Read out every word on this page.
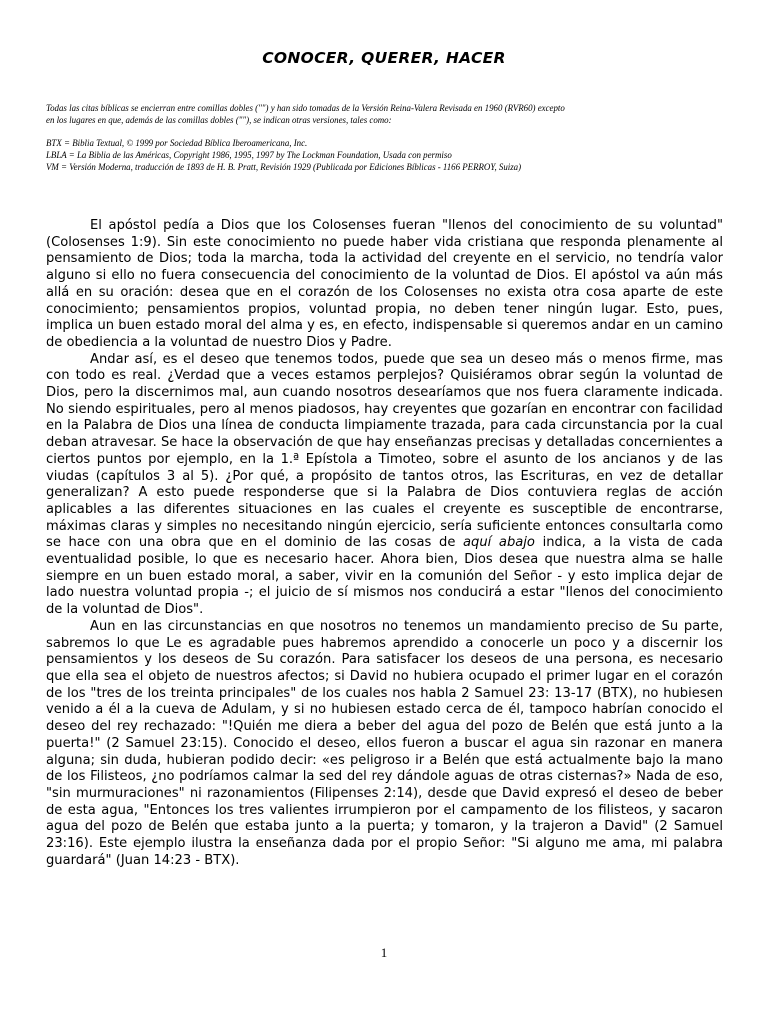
CONOCER, QUERER, HACER

Todas las citas bíblicas se encierran entre comillas dobles ("") y han sido tomadas de la Versión Reina-Valera Revisada en 1960 (RVR60) excepto

en los lugares en que, además de las comillas dobles (""), se indican otras versiones, tales como:

BTX = Biblia Textual, © 1999 por Sociedad Bíblica Iberoamericana, Inc.

LBLA = La Biblia de las Américas, Copyright 1986, 1995, 1997 by The Lockman Foundation, Usada con permiso

VM = Versión Moderna, traducción de 1893 de H. B. Pratt, Revisión 1929 (Publicada por Ediciones Bíblicas - 1166 PERROY, Suiza)

El apóstol pedía a Dios que los Colosenses fueran "llenos del conocimiento de su voluntad" (Colosenses 1:9). Sin este conocimiento no puede haber vida cristiana que responda plenamente al pensamiento de Dios; toda la marcha, toda la actividad del creyente en el servicio, no tendría valor alguno si ello no fuera consecuencia del conocimiento de la voluntad de Dios. El apóstol va aún más allá en su oración: desea que en el corazón de los Colosenses no exista otra cosa aparte de este conocimiento; pensamientos propios, voluntad propia, no deben tener ningún lugar. Esto, pues, implica un buen estado moral del alma y es, en efecto, indispensable si queremos andar en un camino de obediencia a la voluntad de nuestro Dios y Padre.

Andar así, es el deseo que tenemos todos, puede que sea un deseo más o menos firme, mas con todo es real. ¿Verdad que a veces estamos perplejos? Quisiéramos obrar según la voluntad de Dios, pero la discernimos mal, aun cuando nosotros desearíamos que nos fuera claramente indicada. No siendo espirituales, pero al menos piadosos, hay creyentes que gozarían en encontrar con facilidad en la Palabra de Dios una línea de conducta limpiamente trazada, para cada circunstancia por la cual deban atravesar. Se hace la observación de que hay enseñanzas precisas y detalladas concernientes a ciertos puntos por ejemplo, en la 1.ª Epístola a Timoteo, sobre el asunto de los ancianos y de las viudas (capítulos 3 al 5). ¿Por qué, a propósito de tantos otros, las Escrituras, en vez de detallar generalizan? A esto puede responderse que si la Palabra de Dios contuviera reglas de acción aplicables a las diferentes situaciones en las cuales el creyente es susceptible de encontrarse, máximas claras y simples no necesitando ningún ejercicio, sería suficiente entonces consultarla como se hace con una obra que en el dominio de las cosas de aquí abajo indica, a la vista de cada eventualidad posible, lo que es necesario hacer. Ahora bien, Dios desea que nuestra alma se halle siempre en un buen estado moral, a saber, vivir en la comunión del Señor - y esto implica dejar de lado nuestra voluntad propia -; el juicio de sí mismos nos conducirá a estar "llenos del conocimiento de la voluntad de Dios".

Aun en las circunstancias en que nosotros no tenemos un mandamiento preciso de Su parte, sabremos lo que Le es agradable pues habremos aprendido a conocerle un poco y a discernir los pensamientos y los deseos de Su corazón. Para satisfacer los deseos de una persona, es necesario que ella sea el objeto de nuestros afectos; si David no hubiera ocupado el primer lugar en el corazón de los "tres de los treinta principales" de los cuales nos habla 2 Samuel 23: 13-17 (BTX), no hubiesen venido a él a la cueva de Adulam, y si no hubiesen estado cerca de él, tampoco habrían conocido el deseo del rey rechazado: "!Quién me diera a beber del agua del pozo de Belén que está junto a la puerta!" (2 Samuel 23:15). Conocido el deseo, ellos fueron a buscar el agua sin razonar en manera alguna; sin duda, hubieran podido decir: «es peligroso ir a Belén que está actualmente bajo la mano de los Filisteos, ¿no podríamos calmar la sed del rey dándole aguas de otras cisternas?» Nada de eso, "sin murmuraciones" ni razonamientos (Filipenses 2:14), desde que David expresó el deseo de beber de esta agua, "Entonces los tres valientes irrumpieron por el campamento de los filisteos, y sacaron agua del pozo de Belén que estaba junto a la puerta; y tomaron, y la trajeron a David" (2 Samuel 23:16). Este ejemplo ilustra la enseñanza dada por el propio Señor: "Si alguno me ama, mi palabra guardará" (Juan 14:23 - BTX).

1
